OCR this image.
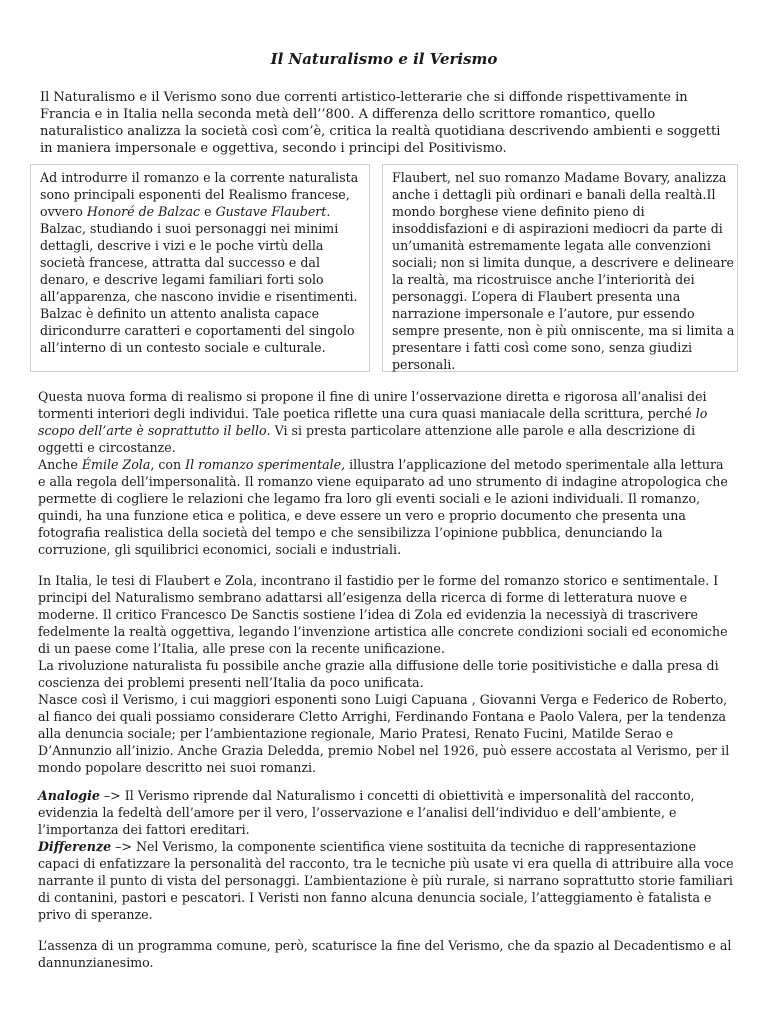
Il Naturalismo e il Verismo

Il Naturalismo e il Verismo sono due correnti artistico-letterarie che si diffonde rispettivamente in Francia e in Italia nella seconda metà dell’’800. A differenza dello scrittore romantico, quello naturalistico analizza la società così com’è, critica la realtà quotidiana descrivendo ambienti e soggetti in maniera impersonale e oggettiva, secondo i principi del Positivismo.

Ad introdurre il romanzo e la corrente naturalista sono principali esponenti del Realismo francese, ovvero Honoré de Balzac e Gustave Flaubert. Balzac, studiando i suoi personaggi nei minimi dettagli, descrive i vizi e le poche virtù della società francese, attratta dal successo e dal denaro, e descrive legami familiari forti solo all’apparenza, che nascono invidie e risentimenti. Balzac è definito un attento analista capace diricondurre caratteri e coportamenti del singolo all’interno di un contesto sociale e culturale.

Flaubert, nel suo romanzo Madame Bovary, analizza anche i dettagli più ordinari e banali della realtà.Il mondo borghese viene definito pieno di insoddisfazioni e di aspirazioni mediocri da parte di un’umanità estremamente legata alle convenzioni sociali; non si limita dunque, a descrivere e delineare la realtà, ma ricostruisce anche l’interiorità dei personaggi. L’opera di Flaubert presenta una narrazione impersonale e l’autore, pur essendo sempre presente, non è più onniscente, ma si limita a presentare i fatti così come sono, senza giudizi personali.

Questa nuova forma di realismo si propone il fine di unire l’osservazione diretta e rigorosa all’analisi dei tormenti interiori degli individui. Tale poetica riflette una cura quasi maniacale della scrittura, perché lo scopo dell’arte è soprattutto il bello. Vi si presta particolare attenzione alle parole e alla descrizione di oggetti e circostanze.
Anche Émile Zola, con Il romanzo sperimentale, illustra l’applicazione del metodo sperimentale alla lettura e alla regola dell’impersonalità. Il romanzo viene equiparato ad uno strumento di indagine atropologica che permette di cogliere le relazioni che legamo fra loro gli eventi sociali e le azioni individuali. Il romanzo, quindi, ha una funzione etica e politica, e deve essere un vero e proprio documento che presenta una fotografia realistica della società del tempo e che sensibilizza l’opinione pubblica, denunciando la corruzione, gli squilibrici economici, sociali e industriali.

In Italia, le tesi di Flaubert e Zola, incontrano il fastidio per le forme del romanzo storico e sentimentale. I principi del Naturalismo sembrano adattarsi all’esigenza della ricerca di forme di letteratura nuove e moderne. Il critico Francesco De Sanctis sostiene l’idea di Zola ed evidenzia la necessiyà di trascrivere fedelmente la realtà oggettiva, legando l’invenzione artistica alle concrete condizioni sociali ed economiche di un paese come l’Italia, alle prese con la recente unificazione.
La rivoluzione naturalista fu possibile anche grazie alla diffusione delle torie positivistiche e dalla presa di coscienza dei problemi presenti nell’Italia da poco unificata.
Nasce così il Verismo, i cui maggiori esponenti sono Luigi Capuana , Giovanni Verga e Federico de Roberto, al fianco dei quali possiamo considerare Cletto Arrighi, Ferdinando Fontana e Paolo Valera, per la tendenza alla denuncia sociale; per l’ambientazione regionale, Mario Pratesi, Renato Fucini, Matilde Serao e D’Annunzio all’inizio. Anche Grazia Deledda, premio Nobel nel 1926, può essere accostata al Verismo, per il mondo popolare descritto nei suoi romanzi.

Analogie –> Il Verismo riprende dal Naturalismo i concetti di obiettività e impersonalità del racconto, evidenzia la fedeltà dell’amore per il vero, l’osservazione e l’analisi dell’individuo e dell’ambiente, e l’importanza dei fattori ereditari.
Differenze –> Nel Verismo, la componente scientifica viene sostituita da tecniche di rappresentazione capaci di enfatizzare la personalità del racconto, tra le tecniche più usate vi era quella di attribuire alla voce narrante il punto di vista del personaggi. L’ambientazione è più rurale, si narrano soprattutto storie familiari di contanini, pastori e pescatori. I Veristi non fanno alcuna denuncia sociale, l’atteggiamento è fatalista e privo di speranze.

L’assenza di un programma comune, però, scaturisce la fine del Verismo, che da spazio al Decadentismo e al dannunzianesimo.
